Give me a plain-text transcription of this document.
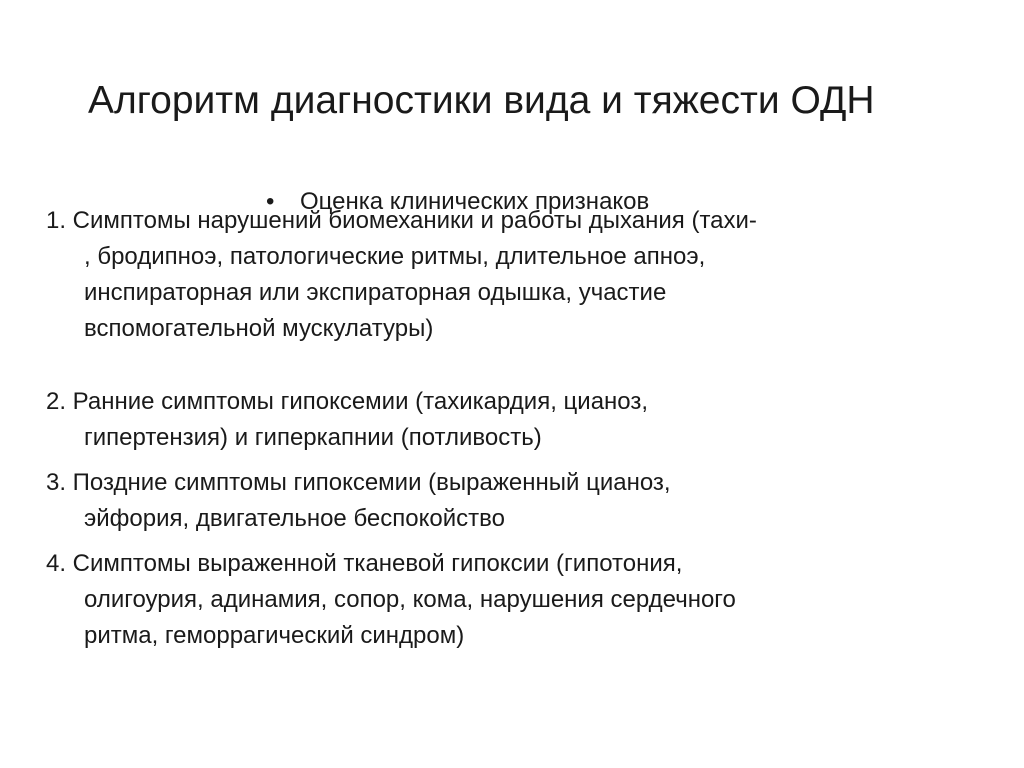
Алгоритм диагностики вида и тяжести ОДН
• Оценка клинических признаков
1. Симптомы нарушений биомеханики и работы дыхания (тахи-
, бродипноэ, патологические ритмы, длительное апноэ,
инспираторная или экспираторная одышка, участие
вспомогательной мускулатуры)
2. Ранние симптомы гипоксемии (тахикардия, цианоз,
гипертензия) и гиперкапнии (потливость)
3. Поздние симптомы гипоксемии (выраженный цианоз,
эйфория, двигательное беспокойство
4. Симптомы выраженной тканевой гипоксии (гипотония,
олигоурия, адинамия, сопор, кома, нарушения сердечного
ритма, геморрагический синдром)
